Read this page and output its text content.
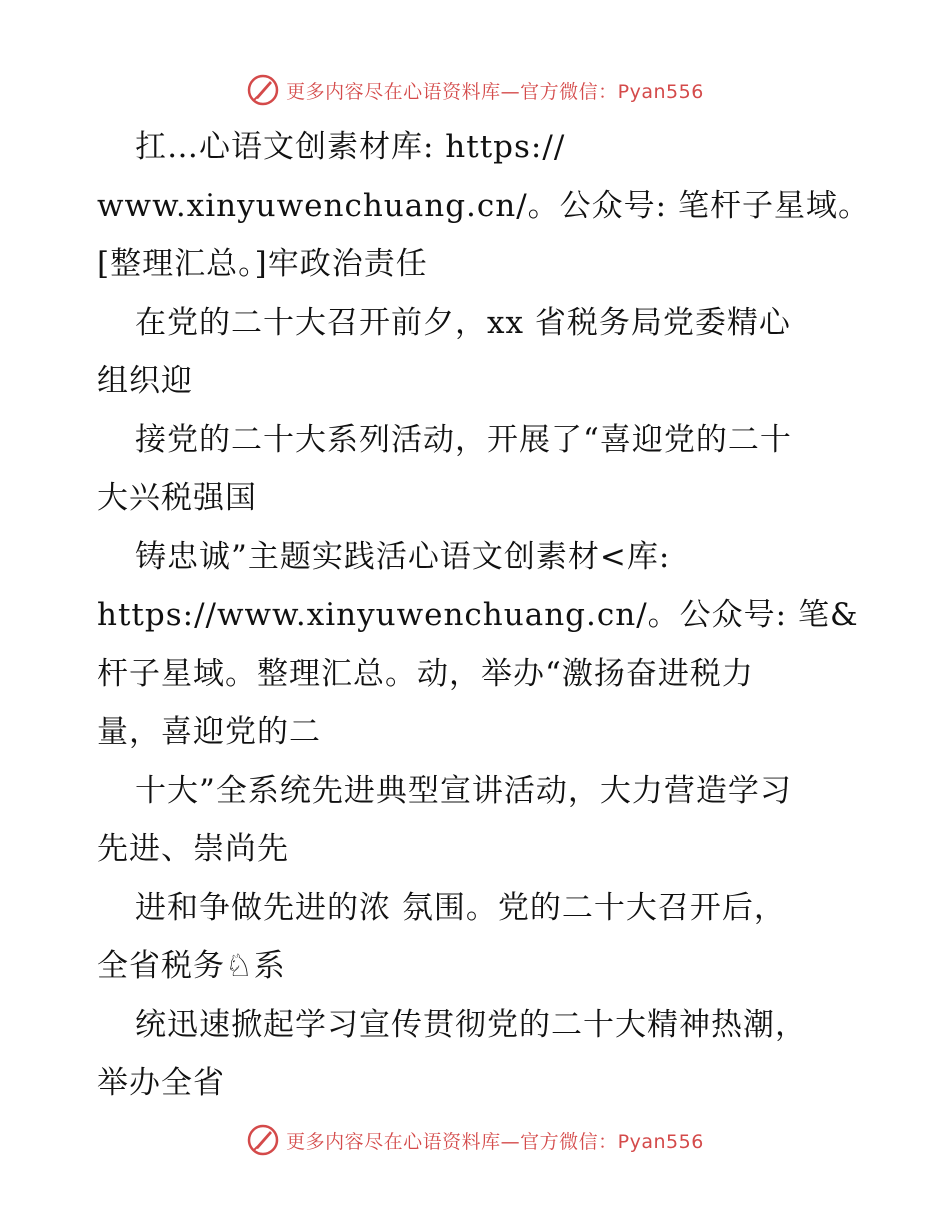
更多内容尽在心语资料库—官方微信：Pyan556
扛…心语文创素材库: https://
www.xinyuwenchuang.cn/。公众号: 笔杆子星域。
[整理汇总。]牢政治责任
在党的二十大召开前夕，xx 省税务局党委精心
组织迎
接党的二十大系列活动，开展了“喜迎党的二十
大兴税强国
铸忠诚”主题实践活心语文创素材<库:
https://www.xinyuwenchuang.cn/。公众号: 笔&
杆子星域。整理汇总。动，举办“激扬奋进税力
量，喜迎党的二
十大”全系统先进典型宣讲活动，大力营造学习
先进、崇尚先
进和争做先进的浓 氛围。党的二十大召开后，
全省税务♘系
统迅速掀起学习宣传贯彻党的二十大精神热潮，
举办全省
更多内容尽在心语资料库—官方微信：Pyan556
